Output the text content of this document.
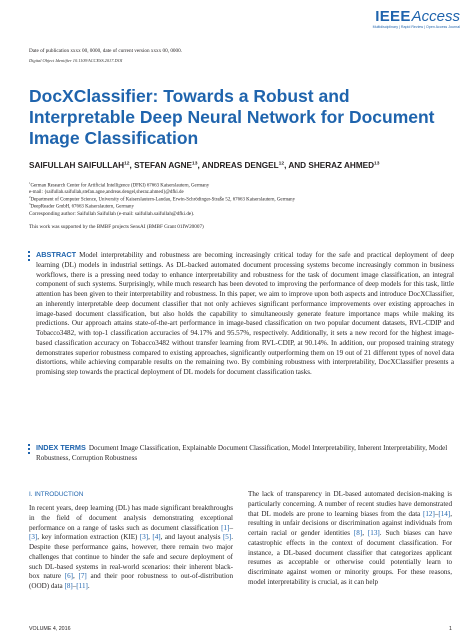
IEEEAccess
Multidisciplinary | Rapid Review | Open Access Journal
Date of publication xxxx 00, 0000, date of current version xxxx 00, 0000.
Digital Object Identifier 10.1109/ACCESS.2017.DOI
DocXClassifier: Towards a Robust and Interpretable Deep Neural Network for Document Image Classification
SAIFULLAH SAIFULLAH$^{12}$, STEFAN AGNE$^{13}$, ANDREAS DENGEL$^{12}$, AND SHERAZ AHMED$^{13}$
$^1$German Research Center for Artificial Intelligence (DFKI) 67663 Kaiserslautern, Germany
e-mail: {saifullah.saifullah,stefan.agne,andreas.dengel,sheraz.ahmed}@dfki.de
$^2$Department of Computer Science, University of Kaiserslautern-Landau, Erwin-Schrödinger-Straße 52, 67663 Kaiserslautern, Germany
$^3$DeepReader GmbH, 67663 Kaiserslautern, Germany
Corresponding author: Saifullah Saifullah (e-mail: saifullah.saifullah@dfki.de).
This work was supported by the BMBF projects SensAI (BMBF Grant 01IW20007)
ABSTRACT Model interpretability and robustness are becoming increasingly critical today for the safe and practical deployment of deep learning (DL) models in industrial settings. As DL-backed automated document processing systems become increasingly common in business workflows, there is a pressing need today to enhance interpretability and robustness for the task of document image classification, an integral component of such systems. Surprisingly, while much research has been devoted to improving the performance of deep models for this task, little attention has been given to their interpretability and robustness. In this paper, we aim to improve upon both aspects and introduce DocXClassifier, an inherently interpretable deep document classifier that not only achieves significant performance improvements over existing approaches in image-based document classification, but also holds the capability to simultaneously generate feature importance maps while making its predictions. Our approach attains state-of-the-art performance in image-based classification on two popular document datasets, RVL-CDIP and Tobacco3482, with top-1 classification accuracies of 94.17% and 95.57%, respectively. Additionally, it sets a new record for the highest image-based classification accuracy on Tobacco3482 without transfer learning from RVL-CDIP, at 90.14%. In addition, our proposed training strategy demonstrates superior robustness compared to existing approaches, significantly outperforming them on 19 out of 21 different types of novel data distortions, while achieving comparable results on the remaining two. By combining robustness with interpretability, DocXClassifier presents a promising step towards the practical deployment of DL models for document classification tasks.
INDEX TERMS Document Image Classification, Explainable Document Classification, Model Interpretability, Inherent Interpretability, Model Robustness, Corruption Robustness
I. INTRODUCTION
In recent years, deep learning (DL) has made significant breakthroughs in the field of document analysis demonstrating exceptional performance on a range of tasks such as document classification [1]–[3], key information extraction (KIE) [3], [4], and layout analysis [5]. Despite these performance gains, however, there remain two major challenges that continue to hinder the safe and secure deployment of such DL-based systems in real-world scenarios: their inherent black-box nature [6], [7] and their poor robustness to out-of-distribution (OOD) data [8]–[11].
The lack of transparency in DL-based automated decision-making is particularly concerning. A number of recent studies have demonstrated that DL models are prone to learning biases from the data [12]–[14], resulting in unfair decisions or discrimination against individuals from certain racial or gender identities [8], [13]. Such biases can have catastrophic effects in the context of document classification. For instance, a DL-based document classifier that categorizes applicant resumes as acceptable or otherwise could potentially learn to discriminate against women or minority groups. For these reasons, model interpretability is crucial, as it can help
VOLUME 4, 2016	1
